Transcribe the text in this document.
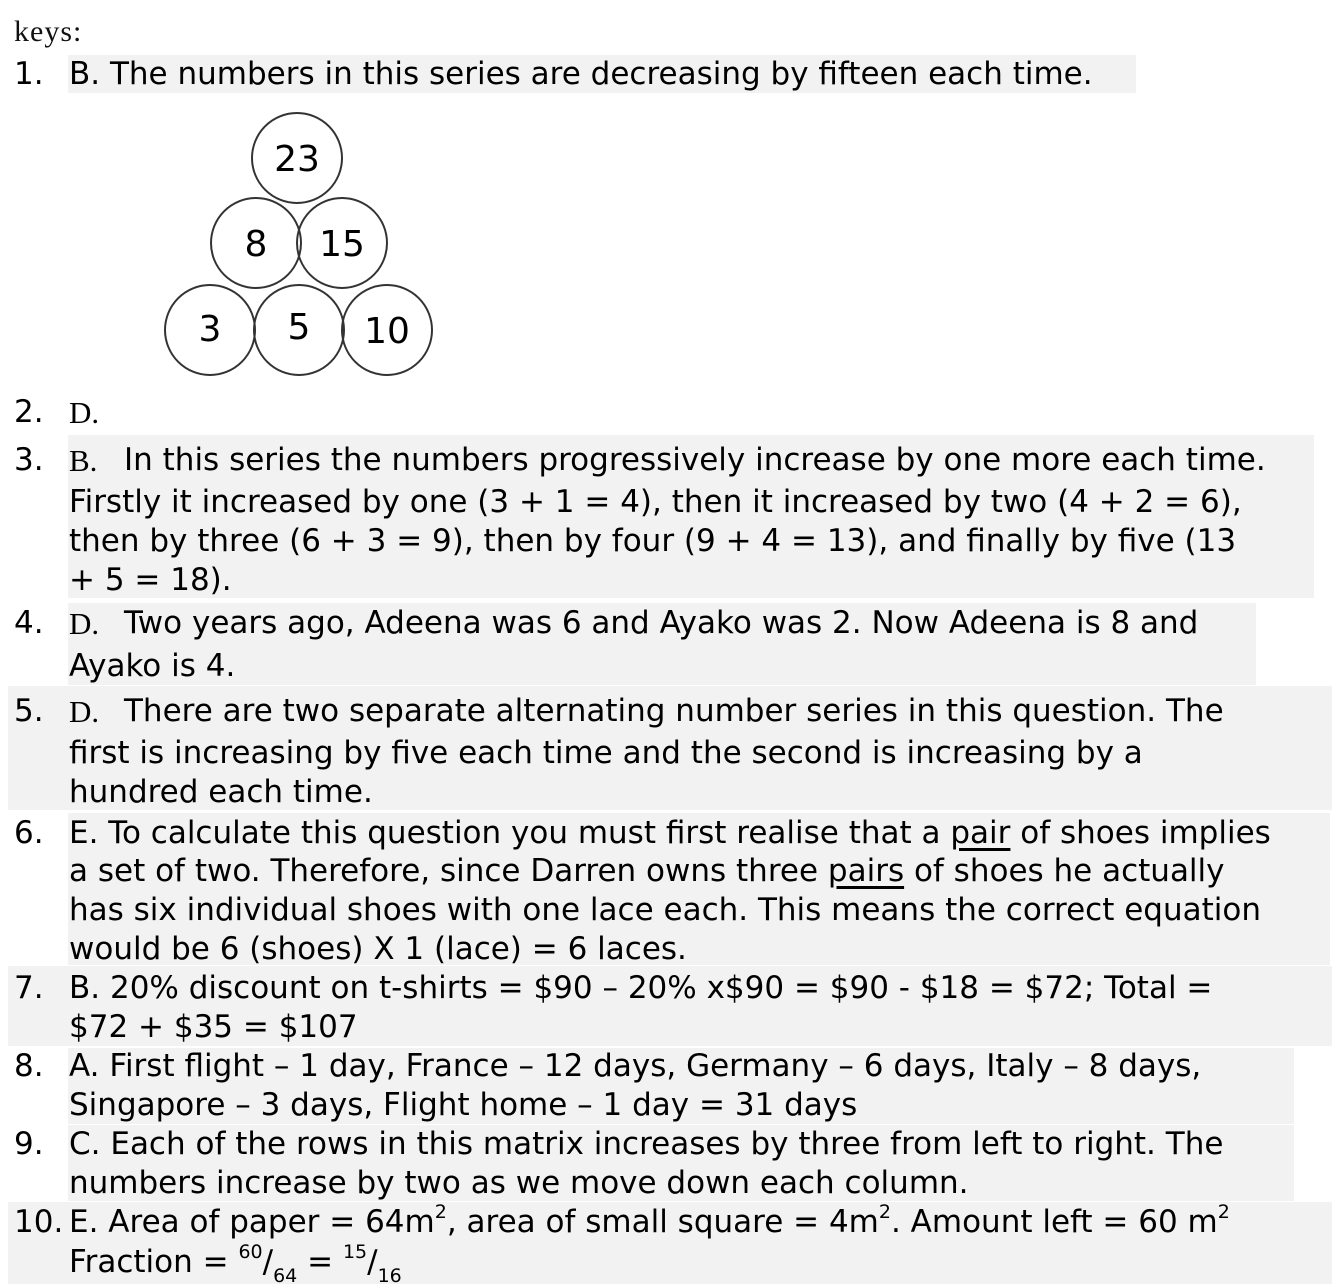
keys:
1. B. The numbers in this series are decreasing by fifteen each time.
23
8 15
3 5 10
2. D.
3. B. In this series the numbers progressively increase by one more each time.
Firstly it increased by one (3 + 1 = 4), then it increased by two (4 + 2 = 6),
then by three (6 + 3 = 9), then by four (9 + 4 = 13), and finally by five (13
+ 5 = 18).
4. D. Two years ago, Adeena was 6 and Ayako was 2. Now Adeena is 8 and
Ayako is 4.
5. D. There are two separate alternating number series in this question. The
first is increasing by five each time and the second is increasing by a
hundred each time.
6. E. To calculate this question you must first realise that a pair of shoes implies
a set of two. Therefore, since Darren owns three pairs of shoes he actually
has six individual shoes with one lace each. This means the correct equation
would be 6 (shoes) X 1 (lace) = 6 laces.
7. B. 20% discount on t-shirts = $90 – 20% x$90 = $90 - $18 = $72; Total =
$72 + $35 = $107
8. A. First flight – 1 day, France – 12 days, Germany – 6 days, Italy – 8 days,
Singapore – 3 days, Flight home – 1 day = 31 days
9. C. Each of the rows in this matrix increases by three from left to right. The
numbers increase by two as we move down each column.
10. E. Area of paper = $64m^2$, area of small square = $4m^2$. Amount left = 60 $m^2$
Fraction = $^{60}/_{64} = ^{15}/_{16}$
